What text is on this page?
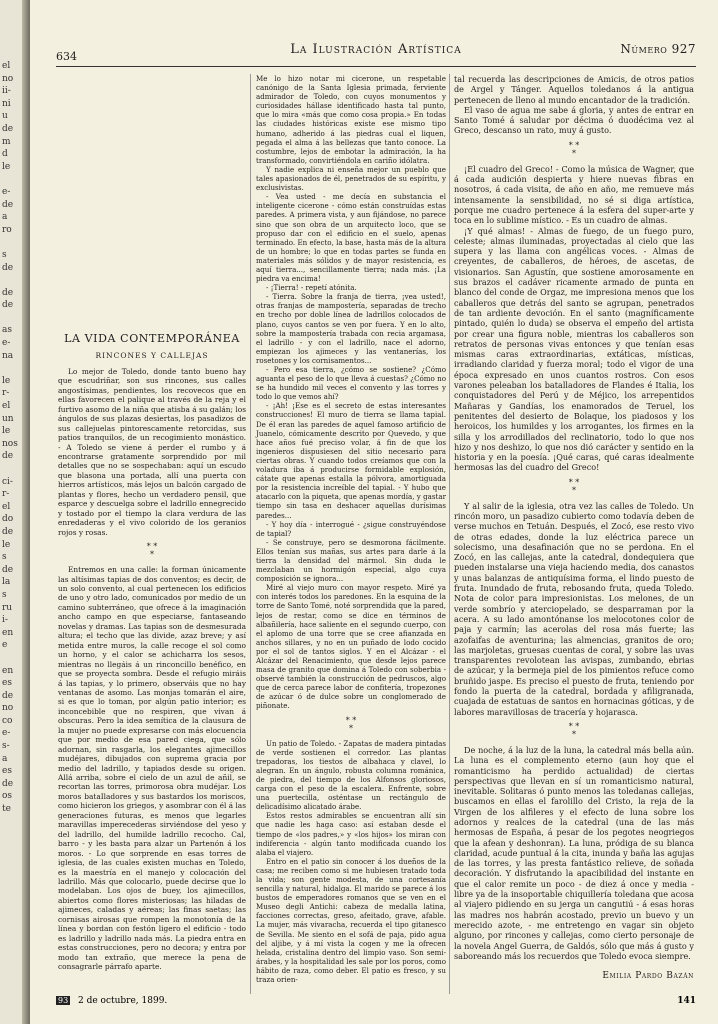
el
no
ii-
ni
u
de
m
d
le

e-
de
a
ro

s
de

de
de

as
e-
na

le
r-
el
un
le
nos
de

ci-
r-
el
do
de
le
s
de
la
s
ru
i-
en
e

en
es
de
no
co
e-
s-
a
es
de
os
te
634	La Ilustración Artística	Número 927
LA VIDA CONTEMPORÁNEA
RINCONES Y CALLEJAS

Lo mejor de Toledo, donde tanto bueno hay que escudriñar, son sus rincones, sus calles angostísimas, pendientes, los recovecos que en ellas favorecen el palique al través de la reja y el furtivo asomo de la niña que atisba á su galán; los ángulos de sus plazas desiertas, los pasadizos de sus callejuelas pintorescamente retorcidas, sus patios tranquilos, de un recogimiento monástico. - A Toledo se viene á perder el rumbo y á encontrarse gratamente sorprendido por mil detalles que no se sospechaban: aquí un escudo que blasona una portada, allí una puerta con hierros artísticos, más lejos un balcón cargado de plantas y flores, hecho un verdadero pensil, que esparce y descuelga sobre el ladrillo ennegrecido y tostado por el tiempo la clara verdura de las enredaderas y el vivo colorido de los geranios rojos y rosas.

* *
*

Entremos en una calle: la forman únicamente las altísimas tapias de dos conventos; es decir, de un solo convento, al cual pertenecen los edificios de uno y otro lado, comunicados por medio de un camino subterráneo, que ofrece á la imaginación ancho campo en que especiarse, fantaseando novelas y dramas. Las tapias son de desmesurada altura; el techo que las divide, azaz breve; y así metida entre muros, la calle recoge el sol como un horno, y el calor se achicharra los sesos, mientras no llegáis á un rinconcillo benéfico, en que se proyecta sombra. Desde el refugio miráis á las tapias, y lo primero, observáis que no hay ventanas de asomo. Las monjas tomarán el aire, si es que lo toman, por algún patio interior; es inconcebible que no respiren, que vivan á obscuras. Pero la idea semítica de la clausura de la mujer no puede expresarse con más elocuencia que por medio de esa pared ciega, que sólo adornan, sin rasgarla, los elegantes ajimecillos mudéjares, dibujados con suprema gracia por medio del ladrillo, y tapiados desde su origen. Allá arriba, sobre el cielo de un azul de añil, se recortan las torres, primorosa obra mudéjar. Los moros bataIladores y sus bastardos los moriscos, como hicieron los griegos, y asombrar con él á las generaciones futuras, es menos que legarles maravillas imperecederas sirviéndose del yeso y del ladrillo, del humilde ladrillo recocho. Cal, barro - y les basta para alzar un Partenón á los moros. - Lo que sorprende en esas torres de iglesia, de las cuales existen muchas en Toledo, es la maestría en el manejo y colocación del ladrillo. Más que colocarlo, puede decirse que lo modelaban. Los ojos de buey, los ajimecillos, abiertos como flores misteriosas; las hiladas de ajimeces, caladas y aéreas; las finas saetas; las cornisas airosas que rompen la monotonía de la línea y bordan con festón ligero el edificio - todo es ladrillo y ladrillo nada más. La piedra entra en estas construcciones, pero no decora; y entra por modo tan extraño, que merece la pena de consagrarle párrafo aparte.

Me lo hizo notar mi cicerone, un respetable canónigo de la Santa Iglesia primada, ferviente admirador de Toledo, con cuyos monumentos y curiosidades hállase identificado hasta tal punto, que lo mira «más que como cosa propia.» En todas las ciudades históricas existe ese mismo tipo humano, adherido á las piedras cual el liquen, pegada el alma á las bellezas que tanto conoce. La costumbre, lejos de embotar la admiración, la ha transformado, convirtiéndola en cariño idólatra.

Y nadie explica ni enseña mejor un pueblo que tales apasionados de él, penetrados de su espíritu, y exclusivistas.

- Vea usted - me decía en substancia el inteligente cicerone - cómo están construídas estas paredes. A primera vista, y aun fijándose, no parece sino que son obra de un arquitecto loco, que se propuso dar con el edificio en el suelo, apenas terminado. En efecto, la base, hasta más de la altura de un hombre; lo que en todas partes se funda en materiales más sólidos y de mayor resistencia, es aquí tierra..., sencillamente tierra; nada más. ¡La piedra va encima!

- ¡Tierra! - repetí atónita.

- Tierra. Sobre la franja de tierra, ¡vea usted!, otras franjas de mampostería, separadas de trecho en trecho por doble línea de ladrillos colocados de plano, cuyos cantos se ven por fuera. Y en lo alto, sobre la mampostería trabada con recia argamasa, el ladrillo - y con el ladrillo, nace el adorno, empiezan los ajimeces y las ventanerías, los rosetones y los cornisamentos...

- Pero esa tierra, ¿cómo se sostiene? ¿Cómo aguanta el peso de lo que lleva á cuestas? ¿Cómo no se ha hundido mil veces el convento y las torres y todo lo que vemos ahí?

- ¡Ah! ¡Ese es el secreto de estas interesantes construcciones! El muro de tierra se llama tapial. De él eran las paredes de aquel famoso artificio de Juanelo, cómicamente descrito por Quevedo, y que hace años fué preciso volar, á fin de que los ingenieros dispusiesen del sitio necesario para ciertas obras. Y cuando todos creíamos que con la voladura iba á producirse formidable explosión, cátate que apenas estalla la pólvora, amortiguada por la resistencia increíble del tapial. - Y hubo que atacarlo con la piqueta, que apenas mordía, y gastar tiempo sin tasa en deshacer aquellas durísimas paredes...

- Y hoy día - interrogué - ¿sigue construyéndose de tapial?

- Se construye, pero se desmorona fácilmente. Ellos tenían sus mañas, sus artes para darle á la tierra la densidad del mármol. Sin duda le mezclaban un hormigón especial, algo cuya composición se ignora...

Miré al viejo muro con mayor respeto. Miré ya con interés todos los paredones. En la esquina de la torre de Santo Tomé, noté sorprendida que la pared, lejos de restar, como se dice en términos de albañilería, hace saliente en el segundo cuerpo, con el aplomo de una torre que se cree afianzada en anchos sillares, y no en un puñado de lodo cocido por el sol de tantos siglos. Y en el Alcázar - el Alcázar del Renacimiento, que desde lejos parece masa de granito que domina á Toledo con soberbia - observé también la construcción de pedruscos, algo que de cerca parece labor de confitería, tropezones de azúcar ó de dulce sobre un conglomerado de piñonate.

* *
*

Un patio de Toledo. - Zapatas de madera pintadas de verde sostienen el corredor. Las plantas trepadoras, los tiestos de albahaca y clavel, lo alegran. En un ángulo, robusta columna románica, de piedra, del tiempo de los Alfonsos gloriosos, carga con el peso de la escalera. Enfrente, sobre una puertecilla, osténtase un rectángulo de delicadísimo alicatado árabe.

Estos restos admirables se encuentran allí sin que nadie les haga caso: así estaban desde el tiempo de «los padres,» y «los hijos» los miran con indiferencia - algún tanto modificada cuando los alaba el viajero.

Entro en el patio sin conocer á los dueños de la casa; me reciben como si me hubiesen tratado toda la vida; son gente modesta, de una cortesanía sencilla y natural, hidalga. El marido se parece á los bustos de emperadores romanos que se ven en el Museo degli Antichi: cabeza de medalla latina, facciones correctas, greso, afeitado, grave, afable. La mujer, más vivaracha, recuerda el tipo gitanesco de Sevilla. Me siento en el sofá de paja, pido agua del aljibe, y á mí vista la cogen y me la ofrecen helada, cristalina dentro del limpio vaso. Son semi-árabes, y la hospitalidad les sale por los poros, como hábito de raza, como deber. El patio es fresco, y su traza orien-

tal recuerda las descripciones de Amicis, de otros patios de Argel y Tánger. Aquellos toledanos á la antigua pertenecen de lleno al mundo encantador de la tradición.

El vaso de agua me sabe á gloria, y antes de entrar en Santo Tomé á saludar por décima ó duodécima vez al Greco, descanso un rato, muy á gusto.

* *
*

¡El cuadro del Greco! - Como la música de Wagner, que á cada audición despierta y hiere nuevas fibras en nosotros, á cada visita, de año en año, me remueve más intensamente la sensibilidad, no sé si diga artística, porque me cuadro pertenece á la esfera del super-arte y toca en lo sublime místico. - Es un cuadro de almas.

¡Y qué almas! - Almas de fuego, de un fuego puro, celeste; almas iluminadas, proyectadas al cielo que las supera y las llama con angélicas voces. - Almas de creyentes, de caballeros, de héroes, de ascetas, de visionarios. San Agustín, que sostiene amorosamente en sus brazos el cadáver ricamente armado de punta en blanco del conde de Orgaz, me impresiona menos que los caballeros que detrás del santo se agrupan, penetrados de tan ardiente devoción. En el santo (magníficamente pintado, quién lo duda) se observa el empeño del artista por crear una figura noble, mientras los caballeros son retratos de personas vivas entonces y que tenían esas mismas caras extraordinarias, extáticas, místicas, irradiando claridad y fuerza moral; todo el vigor de una época expresado en unos cuantos rostros. Con esos varones peleaban los batalladores de Flandes é Italia, los conquistadores del Perú y de Méjico, los arrepentidos Mañaras y Gandías, los enamorados de Teruel, los penitentes del desierto de Bolaque, los piadosos y los heroicos, los humildes y los arrogantes, los firmes en la silla y los arrodillados del reclinatorio, todo lo que nos hizo y nos deshizo, lo que nos dió carácter y sentido en la historia y en la poesía. ¡Qué caras, qué caras idealmente hermosas las del cuadro del Greco!

* *
*

Y al salir de la iglesia, otra vez las calles de Toledo. Un rincón moro, un pasadizo cubierto como todavía deben de verse muchos en Tetuán. Después, el Zocó, ese resto vivo de otras edades, donde la luz eléctrica parece un solecismo, una desafinación que no se perdona. En el Zocó, en las callejas, ante la catedral, dondequiera que pueden instalarse una vieja haciendo media, dos canastos y unas balanzas de antiquísima forma, el lindo puesto de fruta. Inundado de fruta, rebosando fruta, queda Toledo. Nota de color para impresionistas. Los melones, de un verde sombrío y aterciopelado, se desparraman por la acera. A su lado amontónanse los melocotones color de paja y carmín; las acerolas del rosa más fuerte; las azofaifas de aventurina; las almencias, granitos de oro; las marjoletas, gruesas cuentas de coral, y sobre las uvas transparentes revolotean las avispas, zumbando, ebrias de azúcar, y la bermeja piel de los pimientos refuce como bruñido jaspe. Es preciso el puesto de fruta, teniendo por fondo la puerta de la catedral, bordada y afiligranada, cuajada de estatuas de santos en hornacinas góticas, y de labores maravillosas de tracería y hojarasca.

* *
*

De noche, á la luz de la luna, la catedral más bella aún. La luna es el complemento eterno (aun hoy que el romanticismo ha perdido actualidad) de ciertas perspectivas que llevan en sí un romanticismo natural, inevitable. Solitaras ó punto menos las toledanas callejas, buscamos en ellas el farolillo del Cristo, la reja de la Virgen de los alfileres y el efecto de luna sobre los adornos y realces de la catedral (una de las más hermosas de España, á pesar de los pegotes neogriegos que la afean y deshonran). La luna, pródiga de su blanca claridad, acude puntual á la cita, inunda y baña las agujas de las torres, y las presta fantástico relieve, de soñada decoración. Y disfrutando la apacibilidad del instante en que el calor remite un poco - de diez á once y media - libre ya de la insoportable chiquillería toledana que acosa al viajero pidiendo en su jerga un cangutiú - á esas horas las madres nos habrán acostado, previo un buevo y un merecido azote, - me entretengo en vagar sin objeto alguno, por rincones y callejas, como cierto personaje de la novela Angel Guerra, de Galdós, sólo que más á gusto y saboreando más los recuerdos que Toledo evoca siempre.

Emilia Pardo Bazán
93 2 de octubre, 1899.	141
